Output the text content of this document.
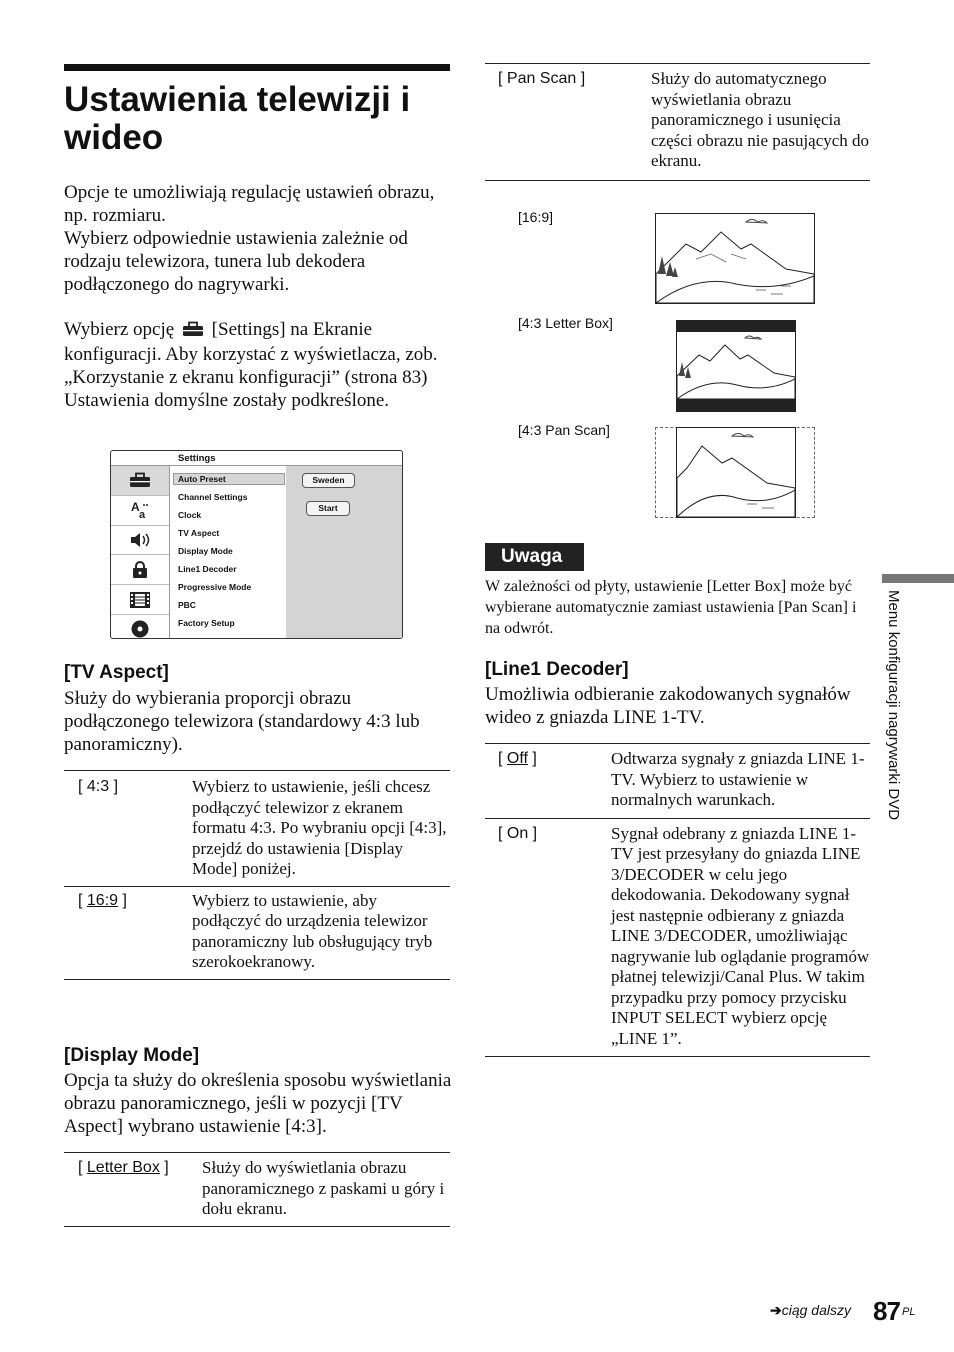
Ustawienia telewizji i wideo
Opcje te umożliwiają regulację ustawień obrazu, np. rozmiaru.
Wybierz odpowiednie ustawienia zależnie od rodzaju telewizora, tunera lub dekodera podłączonego do nagrywarki.
Wybierz opcję [Settings] na Ekranie konfiguracji. Aby korzystać z wyświetlacza, zob. „Korzystanie z ekranu konfiguracji” (strona 83) Ustawienia domyślne zostały podkreślone.
Settings
A
a
Auto Preset
Channel Settings
Clock
TV Aspect
Display Mode
Line1 Decoder
Progressive Mode
PBC
Factory Setup
Sweden
Start
[TV Aspect]
Służy do wybierania proporcji obrazu podłączonego telewizora (standardowy 4:3 lub panoramiczny).
[ 4:3 ]	Wybierz to ustawienie, jeśli chcesz podłączyć telewizor z ekranem formatu 4:3. Po wybraniu opcji [4:3], przejdź do ustawienia [Display Mode] poniżej.
[ 16:9 ]	Wybierz to ustawienie, aby podłączyć do urządzenia telewizor panoramiczny lub obsługujący tryb szerokoekranowy.
[Display Mode]
Opcja ta służy do określenia sposobu wyświetlania obrazu panoramicznego, jeśli w pozycji [TV Aspect] wybrano ustawienie [4:3].
[ Letter Box ]	Służy do wyświetlania obrazu panoramicznego z paskami u góry i dołu ekranu.
[ Pan Scan ]	Służy do automatycznego wyświetlania obrazu panoramicznego i usunięcia części obrazu nie pasujących do ekranu.
[16:9]
[4:3 Letter Box]
[4:3 Pan Scan]
Uwaga
W zależności od płyty, ustawienie [Letter Box] może być wybierane automatycznie zamiast ustawienia [Pan Scan] i na odwrót.
[Line1 Decoder]
Umożliwia odbieranie zakodowanych sygnałów wideo z gniazda LINE 1-TV.
[ Off ]	Odtwarza sygnały z gniazda LINE 1-TV. Wybierz to ustawienie w normalnych warunkach.
[ On ]	Sygnał odebrany z gniazda LINE 1-TV jest przesyłany do gniazda LINE 3/DECODER w celu jego dekodowania. Dekodowany sygnał jest następnie odbierany z gniazda LINE 3/DECODER, umożliwiając nagrywanie lub oglądanie programów płatnej telewizji/Canal Plus. W takim przypadku przy pomocy przycisku INPUT SELECT wybierz opcję „LINE 1”.
Menu konfiguracji nagrywarki DVD
➔ciąg dalszy 87 PL
